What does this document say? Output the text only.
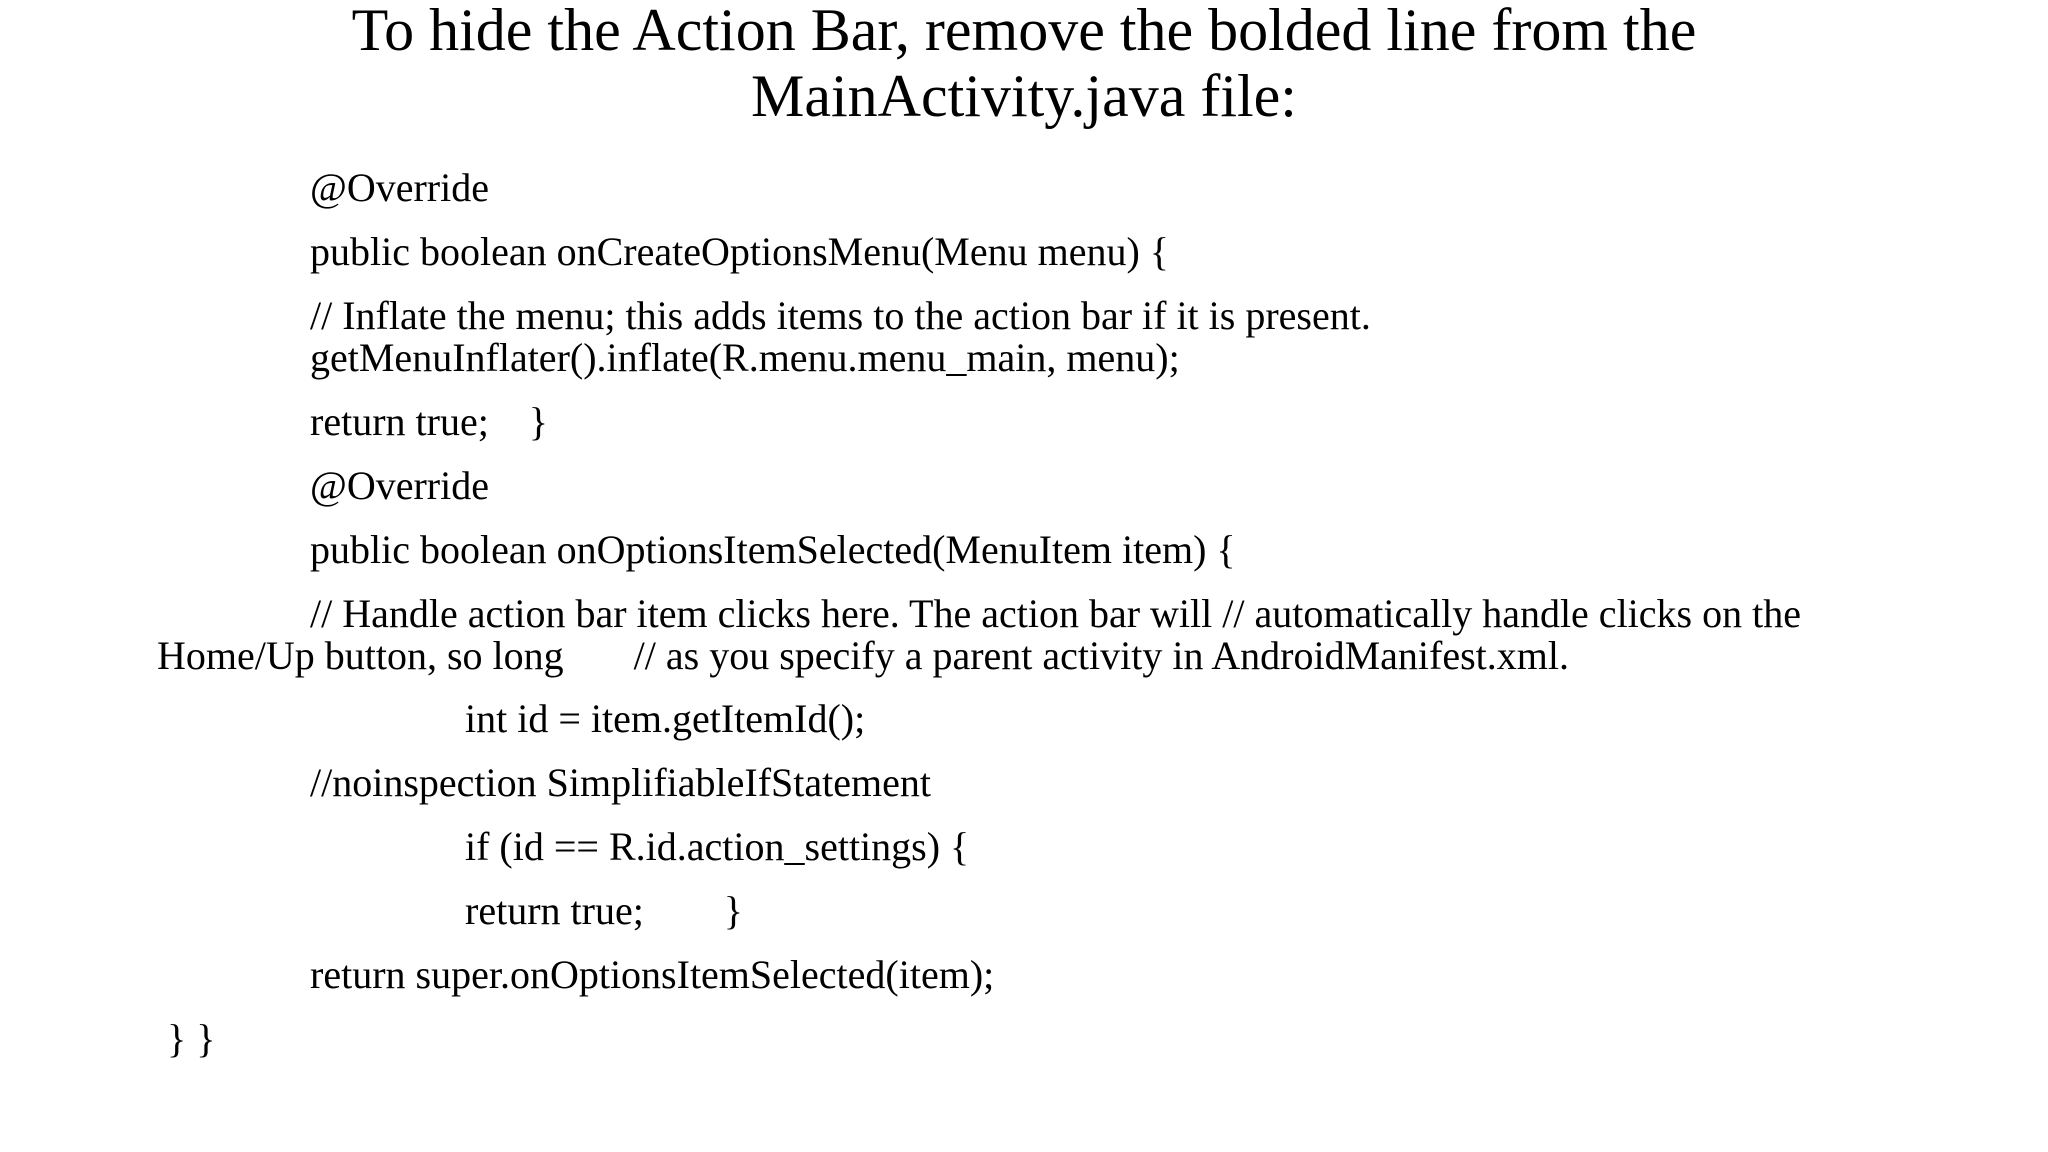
To hide the Action Bar, remove the bolded line from the
MainActivity.java file:
@Override
public boolean onCreateOptionsMenu(Menu menu) {
// Inflate the menu; this adds items to the action bar if it is present.
getMenuInflater().inflate(R.menu.menu_main, menu);
return true;    }
@Override
public boolean onOptionsItemSelected(MenuItem item) {
// Handle action bar item clicks here. The action bar will // automatically handle clicks on the
Home/Up button, so long       // as you specify a parent activity in AndroidManifest.xml.
int id = item.getItemId();
//noinspection SimplifiableIfStatement
if (id == R.id.action_settings) {
return true;        }
return super.onOptionsItemSelected(item);
} }
